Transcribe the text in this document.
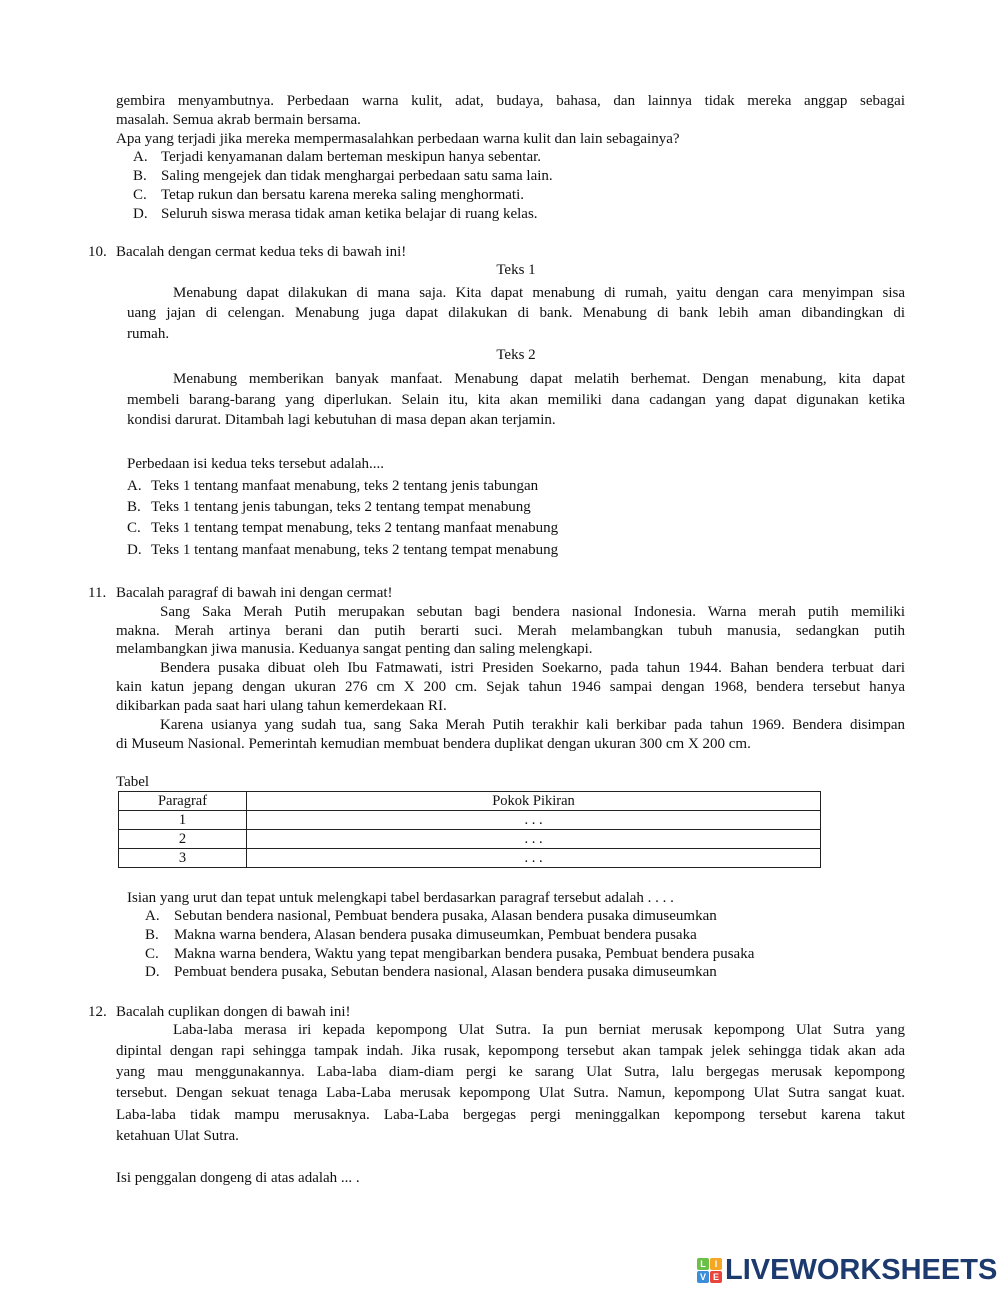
gembira menyambutnya. Perbedaan warna kulit, adat, budaya, bahasa, dan lainnya tidak mereka anggap sebagai
masalah. Semua akrab bermain bersama.
Apa yang terjadi jika mereka mempermasalahkan perbedaan warna kulit dan lain sebagainya?
A. Terjadi kenyamanan dalam berteman meskipun hanya sebentar.
B. Saling mengejek dan tidak menghargai perbedaan satu sama lain.
C. Tetap rukun dan bersatu karena mereka saling menghormati.
D. Seluruh siswa merasa tidak aman ketika belajar di ruang kelas.
10. Bacalah dengan cermat kedua teks di bawah ini!
Teks 1
Menabung dapat dilakukan di mana saja. Kita dapat menabung di rumah, yaitu dengan cara menyimpan sisa
uang jajan di celengan. Menabung juga dapat dilakukan di bank. Menabung di bank lebih aman dibandingkan di
rumah.
Teks 2
Menabung memberikan banyak manfaat. Menabung dapat melatih berhemat. Dengan menabung, kita dapat
membeli barang-barang yang diperlukan. Selain itu, kita akan memiliki dana cadangan yang dapat digunakan ketika
kondisi darurat. Ditambah lagi kebutuhan di masa depan akan terjamin.
Perbedaan isi kedua teks tersebut adalah....
A. Teks 1 tentang manfaat menabung, teks 2 tentang jenis tabungan
B. Teks 1 tentang jenis tabungan, teks 2 tentang tempat menabung
C. Teks 1 tentang tempat menabung, teks 2 tentang manfaat menabung
D. Teks 1 tentang manfaat menabung, teks 2 tentang tempat menabung
11. Bacalah paragraf di bawah ini dengan cermat!
Sang Saka Merah Putih merupakan sebutan bagi bendera nasional Indonesia. Warna merah putih memiliki
makna. Merah artinya berani dan putih berarti suci. Merah melambangkan tubuh manusia, sedangkan putih
melambangkan jiwa manusia. Keduanya sangat penting dan saling melengkapi.
Bendera pusaka dibuat oleh Ibu Fatmawati, istri Presiden Soekarno, pada tahun 1944. Bahan bendera terbuat dari
kain katun jepang dengan ukuran 276 cm X 200 cm. Sejak tahun 1946 sampai dengan 1968, bendera tersebut hanya
dikibarkan pada saat hari ulang tahun kemerdekaan RI.
Karena usianya yang sudah tua, sang Saka Merah Putih terakhir kali berkibar pada tahun 1969. Bendera disimpan
di Museum Nasional. Pemerintah kemudian membuat bendera duplikat dengan ukuran 300 cm X 200 cm.
Tabel
Paragraf	Pokok Pikiran
1	. . .
2	. . .
3	. . .
Isian yang urut dan tepat untuk melengkapi tabel berdasarkan paragraf tersebut adalah . . . .
A. Sebutan bendera nasional, Pembuat bendera pusaka, Alasan bendera pusaka dimuseumkan
B. Makna warna bendera, Alasan bendera pusaka dimuseumkan, Pembuat bendera pusaka
C. Makna warna bendera, Waktu yang tepat mengibarkan bendera pusaka, Pembuat bendera pusaka
D. Pembuat bendera pusaka, Sebutan bendera nasional, Alasan bendera pusaka dimuseumkan
12. Bacalah cuplikan dongen di bawah ini!
Laba-laba merasa iri kepada kepompong Ulat Sutra. Ia pun berniat merusak kepompong Ulat Sutra yang
dipintal dengan rapi sehingga tampak indah. Jika rusak, kepompong tersebut akan tampak jelek sehingga tidak akan ada
yang mau menggunakannya. Laba-laba diam-diam pergi ke sarang Ulat Sutra, lalu bergegas merusak kepompong
tersebut. Dengan sekuat tenaga Laba-Laba merusak kepompong Ulat Sutra. Namun, kepompong Ulat Sutra sangat kuat.
Laba-laba tidak mampu merusaknya. Laba-Laba bergegas pergi meninggalkan kepompong tersebut karena takut
ketahuan Ulat Sutra.
Isi penggalan dongeng di atas adalah ... .
L I
V E LIVEWORKSHEETS
